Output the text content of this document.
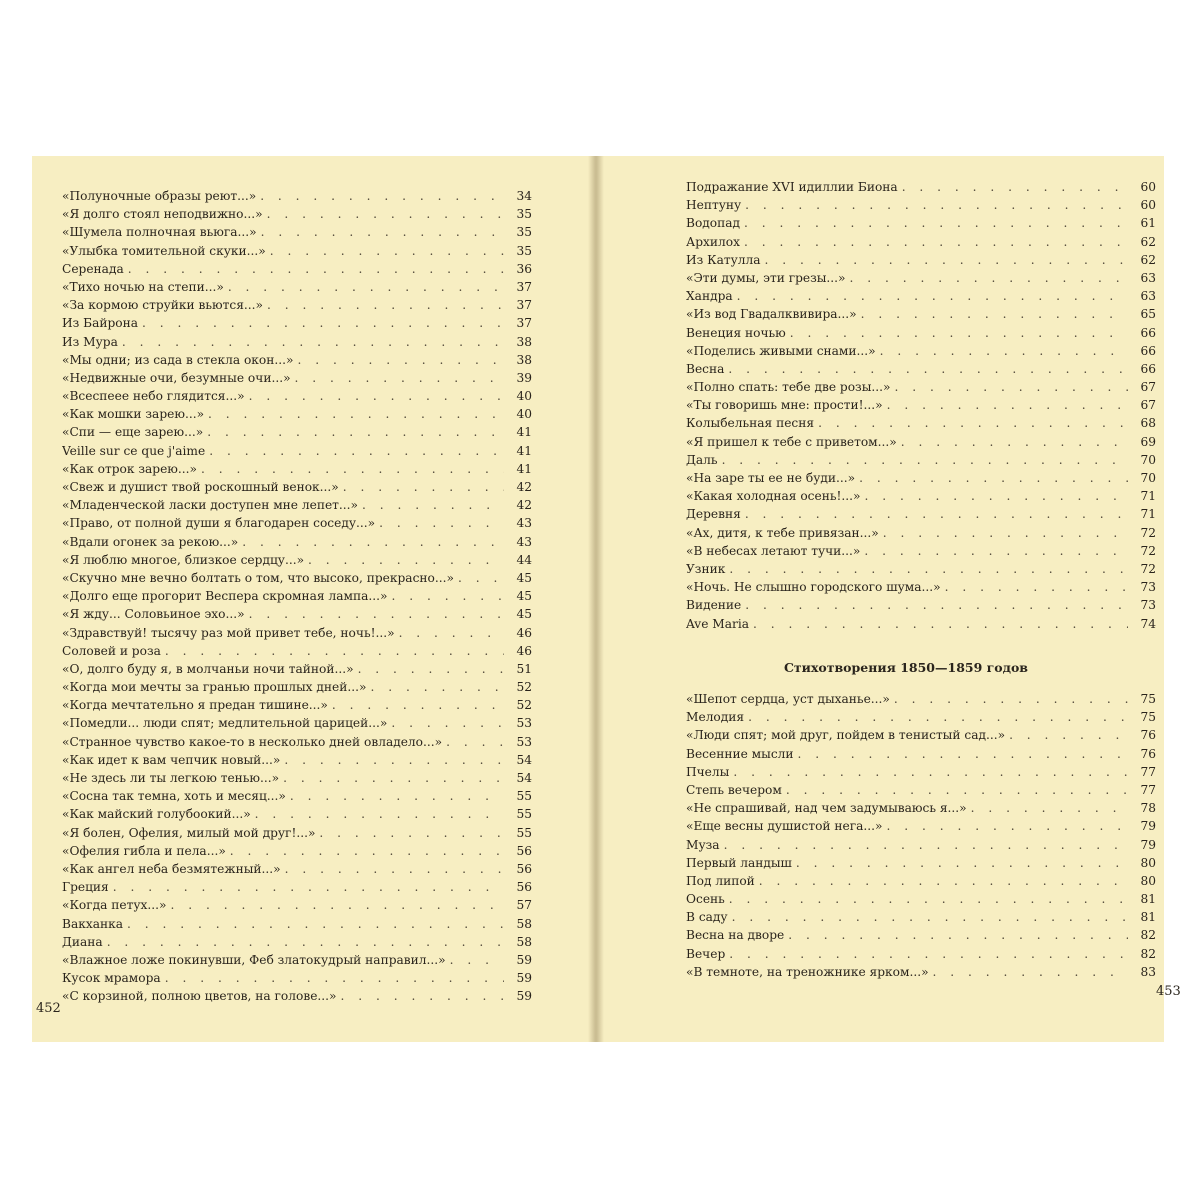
«Полуночные образы реют...» . . .	34
«Я долго стоял неподвижно...» . . .	35
«Шумела полночная вьюга...» . . .	35
«Улыбка томительной скуки...» . . .	35
Серенада . . .	36
«Тихо ночью на степи...» . . .	37
«За кормою струйки вьются...» . . .	37
Из Байрона . . .	37
Из Мура . . .	38
«Мы одни; из сада в стекла окон...» . . .	38
«Недвижные очи, безумные очи...» . . .	39
«Всеспеее небо глядится...» . . .	40
«Как мошки зарею...» . . .	40
«Спи — еще зарею...» . . .	41
Veille sur ce que j'aime . . .	41
«Как отрок зарею...» . . .	41
«Свеж и душист твой роскошный венок...» . . .	42
«Младенческой ласки доступен мне лепет...» . . .	42
«Право, от полной души я благодарен соседу...» . . .	43
«Вдали огонек за рекою...» . . .	43
«Я люблю многое, близкое сердцу...» . . .	44
«Скучно мне вечно болтать о том, что высоко, прекрасно...» . . .	45
«Долго еще прогорит Веспера скромная лампа...» . . .	45
«Я жду... Соловьиное эхо...» . . .	45
«Здравствуй! тысячу раз мой привет тебе, ночь!...» . . .	46
Соловей и роза . . .	46
«О, долго буду я, в молчаньи ночи тайной...» . . .	51
«Когда мои мечты за гранью прошлых дней...» . . .	52
«Когда мечтательно я предан тишине...» . . .	52
«Помедли... люди спят; медлительной царицей...» . . .	53
«Странное чувство какое-то в несколько дней овладело...» . . .	53
«Как идет к вам чепчик новый...» . . .	54
«Не здесь ли ты легкою тенью...» . . .	54
«Сосна так темна, хоть и месяц...» . . .	55
«Как майский голубоокий...» . . .	55
«Я болен, Офелия, милый мой друг!...» . . .	55
«Офелия гибла и пела...» . . .	56
«Как ангел неба безмятежный...» . . .	56
Греция . . .	56
«Когда петух...» . . .	57
Вакханка . . .	58
Диана . . .	58
«Влажное ложе покинувши, Феб златокудрый направил...» . . .	59
Кусок мрамора . . .	59
«С корзиной, полною цветов, на голове...» . . .	59
452
Подражание XVI идиллии Биона . . .	60
Нептуну . . .	60
Водопад . . .	61
Архилох . . .	62
Из Катулла . . .	62
«Эти думы, эти грезы...» . . .	63
Хандра . . .	63
«Из вод Гвадалквивира...» . . .	65
Венеция ночью . . .	66
«Поделись живыми снами...» . . .	66
Весна . . .	66
«Полно спать: тебе две розы...» . . .	67
«Ты говоришь мне: прости!...» . . .	67
Колыбельная песня . . .	68
«Я пришел к тебе с приветом...» . . .	69
Даль . . .	70
«На заре ты ее не буди...» . . .	70
«Какая холодная осень!...» . . .	71
Деревня . . .	71
«Ах, дитя, к тебе привязан...» . . .	72
«В небесах летают тучи...» . . .	72
Узник . . .	72
«Ночь. Не слышно городского шума...» . . .	73
Видение . . .	73
Ave Maria . . .	74
Стихотворения 1850—1859 годов
«Шепот сердца, уст дыханье...» . . .	75
Мелодия . . .	75
«Люди спят; мой друг, пойдем в тенистый сад...» . . .	76
Весенние мысли . . .	76
Пчелы . . .	77
Степь вечером . . .	77
«Не спрашивай, над чем задумываюсь я...» . . .	78
«Еще весны душистой нега...» . . .	79
Муза . . .	79
Первый ландыш . . .	80
Под липой . . .	80
Осень . . .	81
В саду . . .	81
Весна на дворе . . .	82
Вечер . . .	82
«В темноте, на треножнике ярком...» . . .	83
453
